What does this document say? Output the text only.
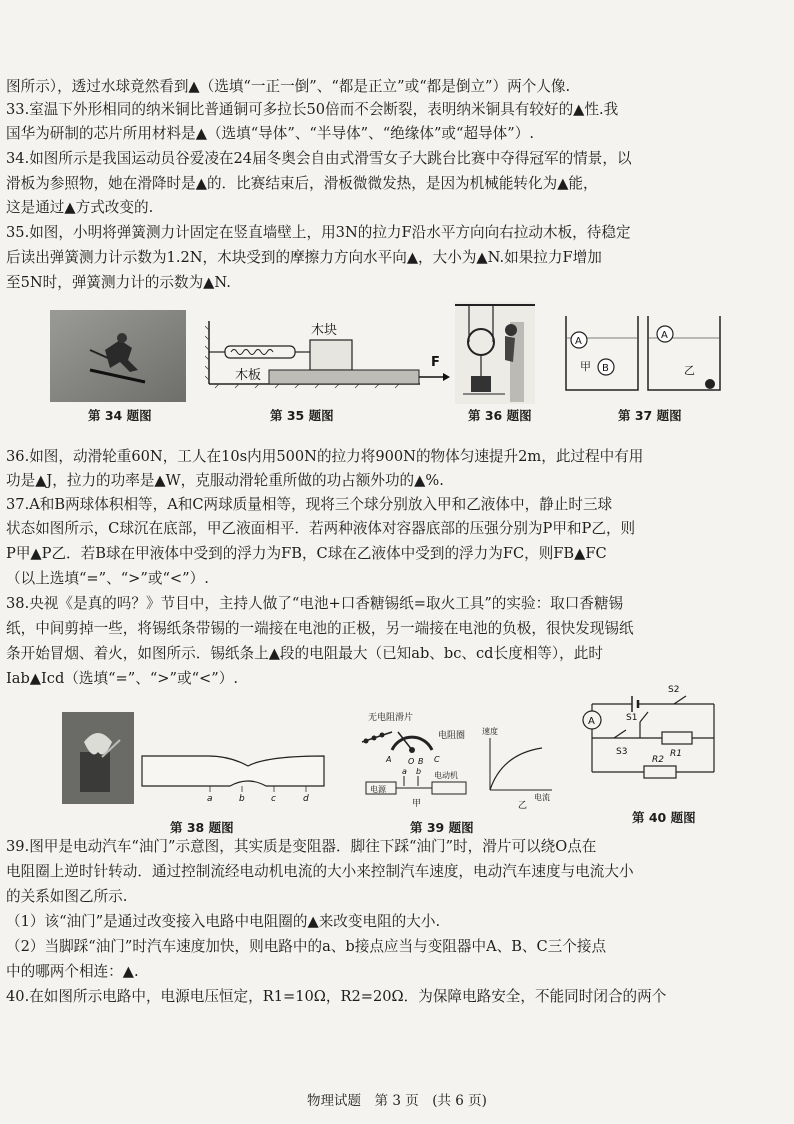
图所示），透过水球竟然看到▲（选填“一正一倒”、“都是正立”或“都是倒立”）两个人像.
33.室温下外形相同的纳米铜比普通铜可多拉长50倍而不会断裂，表明纳米铜具有较好的▲性.我
国华为研制的芯片所用材料是▲（选填“导体”、“半导体”、“绝缘体”或“超导体”）.
34.如图所示是我国运动员谷爱凌在24届冬奥会自由式滑雪女子大跳台比赛中夺得冠军的情景，以
滑板为参照物，她在滑降时是▲的．比赛结束后，滑板微微发热，是因为机械能转化为▲能，
这是通过▲方式改变的.
35.如图，小明将弹簧测力计固定在竖直墙壁上，用3N的拉力F沿水平方向向右拉动木板，待稳定
后读出弹簧测力计示数为1.2N，木块受到的摩擦力方向水平向▲，大小为▲N.如果拉力F增加
至5N时，弹簧测力计的示数为▲N.
36.如图，动滑轮重60N，工人在10s内用500N的拉力将900N的物体匀速提升2m，此过程中有用
功是▲J，拉力的功率是▲W，克服动滑轮重所做的功占额外功的▲%.
37.A和B两球体积相等，A和C两球质量相等，现将三个球分别放入甲和乙液体中，静止时三球
状态如图所示，C球沉在底部，甲乙液面相平．若两种液体对容器底部的压强分别为P甲和P乙，则
P甲▲P乙．若B球在甲液体中受到的浮力为FB，C球在乙液体中受到的浮力为FC，则FB▲FC
（以上选填“=”、“>”或“<”）.
38.央视《是真的吗？》节目中，主持人做了“电池+口香糖锡纸=取火工具”的实验：取口香糖锡
纸，中间剪掉一些，将锡纸条带锡的一端接在电池的正极，另一端接在电池的负极，很快发现锡纸
条开始冒烟、着火，如图所示．锡纸条上▲段的电阻最大（已知ab、bc、cd长度相等），此时
Iab▲Icd（选填“=”、“>”或“<”）.
39.图甲是电动汽车“油门”示意图，其实质是变阻器．脚往下踩“油门”时，滑片可以绕O点在
电阻圈上逆时针转动．通过控制流经电动机电流的大小来控制汽车速度，电动汽车速度与电流大小
的关系如图乙所示.
（1）该“油门”是通过改变接入电路中电阻圈的▲来改变电阻的大小.
（2）当脚踩“油门”时汽车速度加快，则电路中的a、b接点应当与变阻器中A、B、C三个接点
中的哪两个相连：▲.
40.在如图所示电路中，电源电压恒定，R1=10Ω，R2=20Ω．为保障电路安全，不能同时闭合的两个
第 34 题图
木块
木板
F
第 35 题图	第 36 题图
A
B
甲
A
乙
第 37 题图
a	b	c	d
第 38 题图
无电阻滑片
电阻圈
O
A	B C
a b
电源
电动机
甲
速度
电流
乙
第 39 题图
A
R2
S2
R1
S3
S1
第 40 题图
物理试题　第 3 页　(共 6 页)
